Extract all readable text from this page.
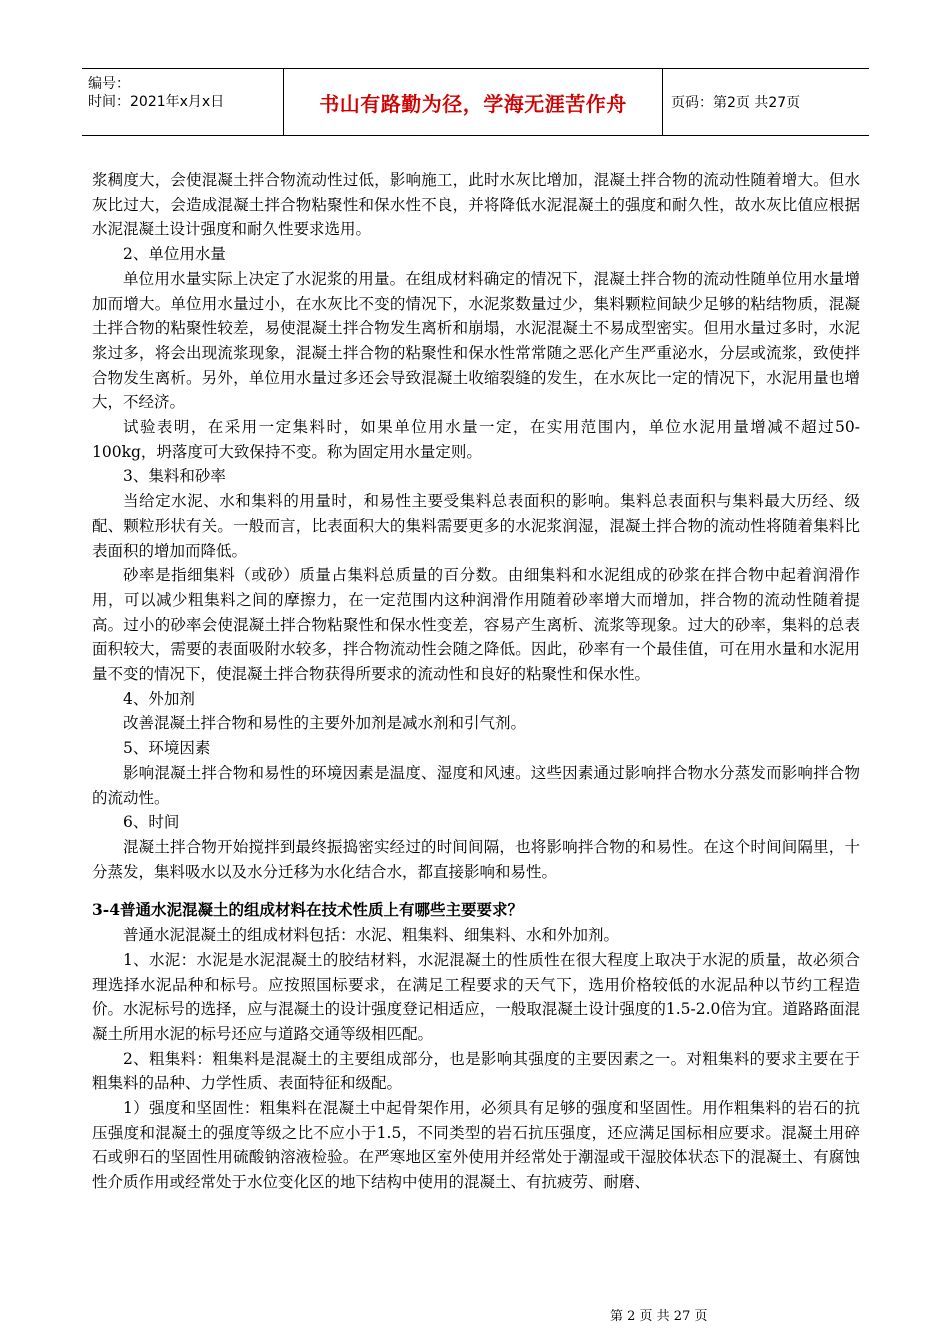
编号：
时间：2021年x月x日	书山有路勤为径，学海无涯苦作舟	页码：第2页 共27页

浆稠度大，会使混凝土拌合物流动性过低，影响施工，此时水灰比增加，混凝土拌合物的流动性随着增大。但水灰比过大，会造成混凝土拌合物粘聚性和保水性不良，并将降低水泥混凝土的强度和耐久性，故水灰比值应根据水泥混凝土设计强度和耐久性要求选用。

2、单位用水量

单位用水量实际上决定了水泥浆的用量。在组成材料确定的情况下，混凝土拌合物的流动性随单位用水量增加而增大。单位用水量过小，在水灰比不变的情况下，水泥浆数量过少，集料颗粒间缺少足够的粘结物质，混凝土拌合物的粘聚性较差，易使混凝土拌合物发生离析和崩塌，水泥混凝土不易成型密实。但用水量过多时，水泥浆过多，将会出现流浆现象，混凝土拌合物的粘聚性和保水性常常随之恶化产生严重泌水，分层或流浆，致使拌合物发生离析。另外，单位用水量过多还会导致混凝土收缩裂缝的发生，在水灰比一定的情况下，水泥用量也增大，不经济。

试验表明，在采用一定集料时，如果单位用水量一定，在实用范围内，单位水泥用量增减不超过50-100kg，坍落度可大致保持不变。称为固定用水量定则。

3、集料和砂率

当给定水泥、水和集料的用量时，和易性主要受集料总表面积的影响。集料总表面积与集料最大历经、级配、颗粒形状有关。一般而言，比表面积大的集料需要更多的水泥浆润湿，混凝土拌合物的流动性将随着集料比表面积的增加而降低。

砂率是指细集料（或砂）质量占集料总质量的百分数。由细集料和水泥组成的砂浆在拌合物中起着润滑作用，可以减少粗集料之间的摩擦力，在一定范围内这种润滑作用随着砂率增大而增加，拌合物的流动性随着提高。过小的砂率会使混凝土拌合物粘聚性和保水性变差，容易产生离析、流浆等现象。过大的砂率，集料的总表面积较大，需要的表面吸附水较多，拌合物流动性会随之降低。因此，砂率有一个最佳值，可在用水量和水泥用量不变的情况下，使混凝土拌合物获得所要求的流动性和良好的粘聚性和保水性。

4、外加剂

改善混凝土拌合物和易性的主要外加剂是减水剂和引气剂。

5、环境因素

影响混凝土拌合物和易性的环境因素是温度、湿度和风速。这些因素通过影响拌合物水分蒸发而影响拌合物的流动性。

6、时间

混凝土拌合物开始搅拌到最终振捣密实经过的时间间隔，也将影响拌合物的和易性。在这个时间间隔里，十分蒸发，集料吸水以及水分迁移为水化结合水，都直接影响和易性。

3-4普通水泥混凝土的组成材料在技术性质上有哪些主要要求？

普通水泥混凝土的组成材料包括：水泥、粗集料、细集料、水和外加剂。

1、水泥：水泥是水泥混凝土的胶结材料，水泥混凝土的性质性在很大程度上取决于水泥的质量，故必须合理选择水泥品种和标号。应按照国标要求，在满足工程要求的天气下，选用价格较低的水泥品种以节约工程造价。水泥标号的选择，应与混凝土的设计强度登记相适应，一般取混凝土设计强度的1.5-2.0倍为宜。道路路面混凝土所用水泥的标号还应与道路交通等级相匹配。

2、粗集料：粗集料是混凝土的主要组成部分，也是影响其强度的主要因素之一。对粗集料的要求主要在于粗集料的品种、力学性质、表面特征和级配。

1）强度和坚固性：粗集料在混凝土中起骨架作用，必须具有足够的强度和坚固性。用作粗集料的岩石的抗压强度和混凝土的强度等级之比不应小于1.5，不同类型的岩石抗压强度，还应满足国标相应要求。混凝土用碎石或卵石的坚固性用硫酸钠溶液检验。在严寒地区室外使用并经常处于潮湿或干湿胶体状态下的混凝土、有腐蚀性介质作用或经常处于水位变化区的地下结构中使用的混凝土、有抗疲劳、耐磨、

第 2 页 共 27 页
